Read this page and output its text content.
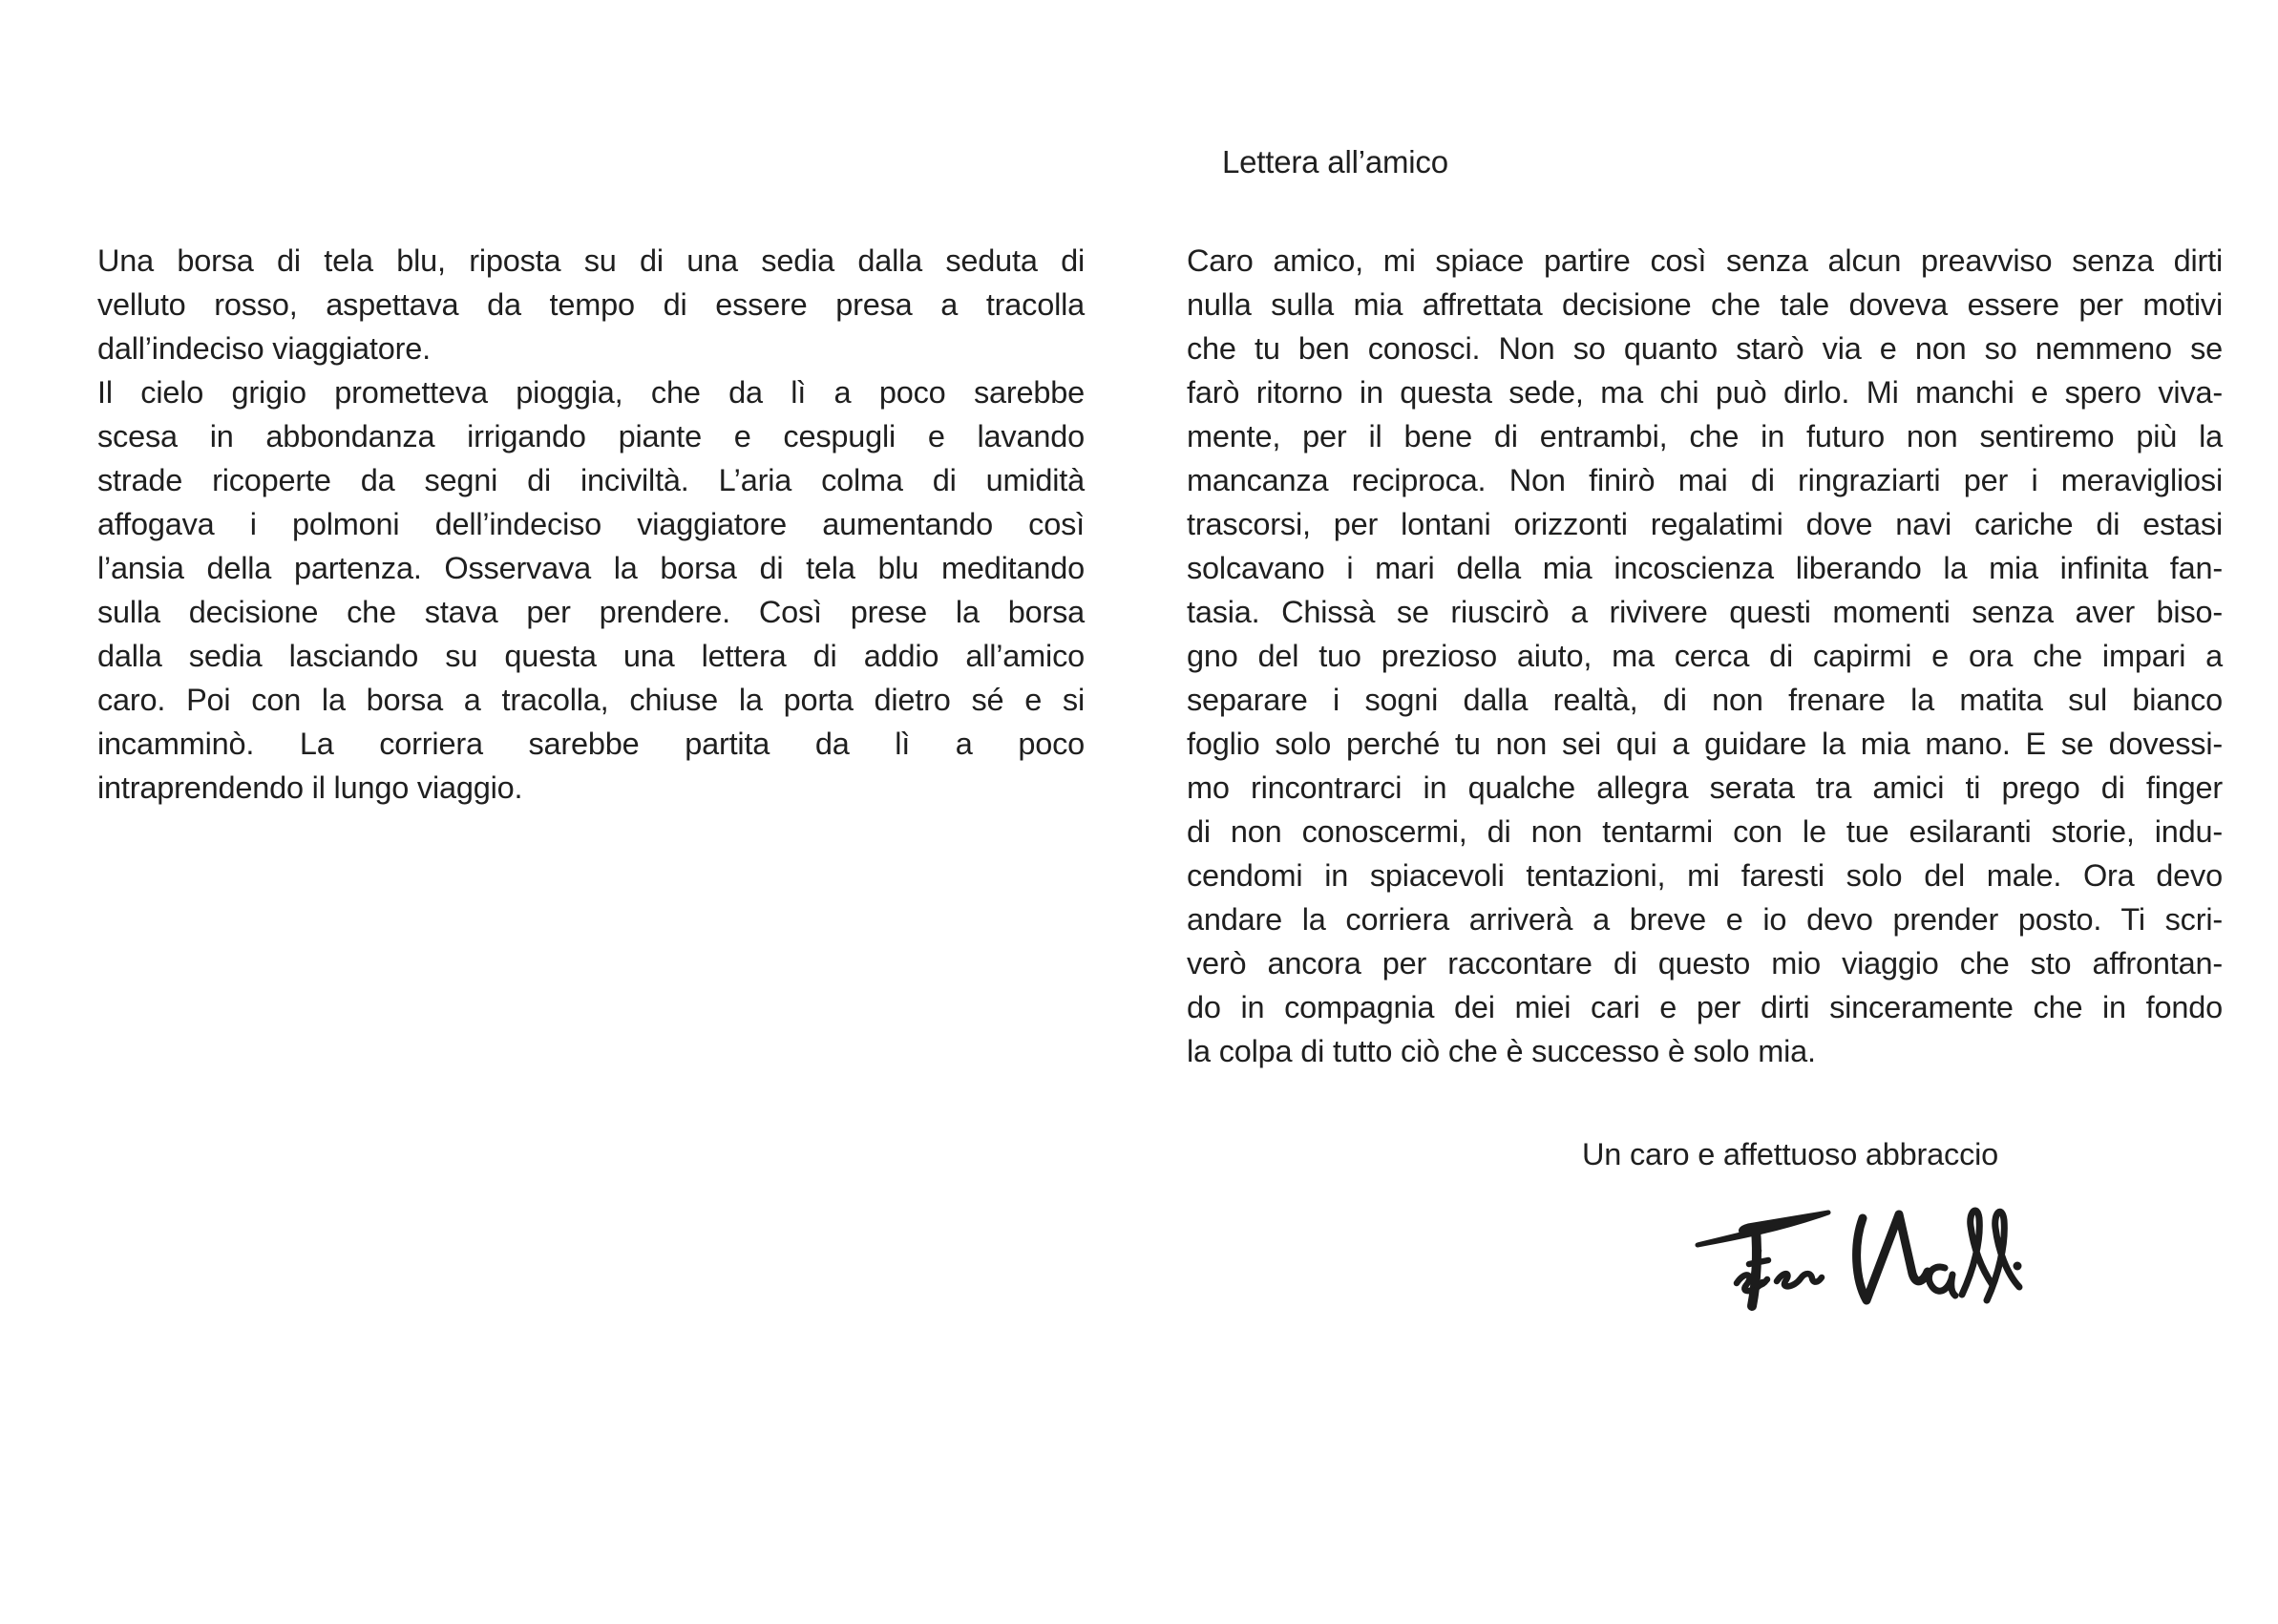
Una borsa di tela blu, riposta su di una sedia dalla seduta di
velluto rosso, aspettava da tempo di essere presa a tracolla
dall’indeciso viaggiatore.
Il cielo grigio prometteva pioggia, che da lì a poco sarebbe
scesa in abbondanza irrigando piante e cespugli e lavando
strade ricoperte da segni di inciviltà. L’aria colma di umidità
affogava i polmoni dell’indeciso viaggiatore aumentando così
l’ansia della partenza. Osservava la borsa di tela blu meditando
sulla decisione che stava per prendere. Così prese la borsa
dalla sedia lasciando su questa una lettera di addio all’amico
caro. Poi con la borsa a tracolla, chiuse la porta dietro sé e si
incamminò. La corriera sarebbe partita da lì a poco
intraprendendo il lungo viaggio.
Lettera all’amico
Caro amico, mi spiace partire così senza alcun preavviso senza dirti
nulla sulla mia affrettata decisione che tale doveva essere per motivi
che tu ben conosci. Non so quanto starò via e non so nemmeno se
farò ritorno in questa sede, ma chi può dirlo. Mi manchi e spero viva-
mente, per il bene di entrambi, che in futuro non sentiremo più la
mancanza reciproca. Non finirò mai di ringraziarti per i meravigliosi
trascorsi, per lontani orizzonti regalatimi dove navi cariche di estasi
solcavano i mari della mia incoscienza liberando la mia infinita fan-
tasia. Chissà se riuscirò a rivivere questi momenti senza aver biso-
gno del tuo prezioso aiuto, ma cerca di capirmi e ora che impari a
separare i sogni dalla realtà, di non frenare la matita sul bianco
foglio solo perché tu non sei qui a guidare la mia mano. E se dovessi-
mo rincontrarci in qualche allegra serata tra amici ti prego di finger
di non conoscermi, di non tentarmi con le tue esilaranti storie, indu-
cendomi in spiacevoli tentazioni, mi faresti solo del male. Ora devo
andare la corriera arriverà a breve e io devo prender posto. Ti scri-
verò ancora per raccontare di questo mio viaggio che sto affrontan-
do in compagnia dei miei cari e per dirti sinceramente che in fondo
la colpa di tutto ciò che è successo è solo mia.
Un caro e affettuoso abbraccio
